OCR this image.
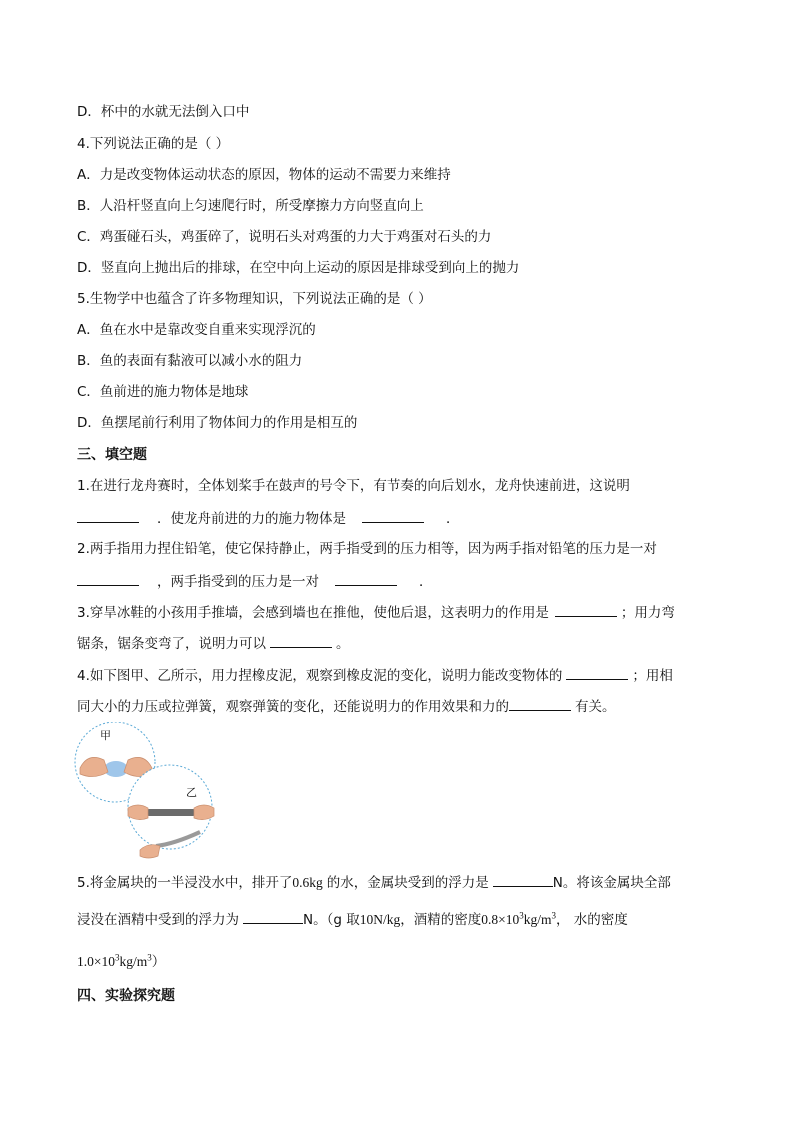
D．杯中的水就无法倒入口中
4.下列说法正确的是（ ）
A．力是改变物体运动状态的原因，物体的运动不需要力来维持
B．人沿杆竖直向上匀速爬行时，所受摩擦力方向竖直向上
C．鸡蛋碰石头，鸡蛋碎了，说明石头对鸡蛋的力大于鸡蛋对石头的力
D．竖直向上抛出后的排球，在空中向上运动的原因是排球受到向上的抛力
5.生物学中也蕴含了许多物理知识，下列说法正确的是（ ）
A．鱼在水中是靠改变自重来实现浮沉的
B．鱼的表面有黏液可以减小水的阻力
C．鱼前进的施力物体是地球
D．鱼摆尾前行利用了物体间力的作用是相互的
三、填空题
1.在进行龙舟赛时，全体划桨手在鼓声的号令下，有节奏的向后划水，龙舟快速前进，这说明
．使龙舟前进的力的施力物体是	．
2.两手指用力捏住铅笔，使它保持静止，两手指受到的压力相等，因为两手指对铅笔的压力是一对
，两手指受到的压力是一对	．
3.穿旱冰鞋的小孩用手推墙，会感到墙也在推他，使他后退，这表明力的作用是	；用力弯
锯条，锯条变弯了，说明力可以	。
4.如下图甲、乙所示，用力捏橡皮泥，观察到橡皮泥的变化，说明力能改变物体的	；用相
同大小的力压或拉弹簧，观察弹簧的变化，还能说明力的作用效果和力的	有关。
甲
乙
5.将金属块的一半浸没水中，排开了0.6kg 的水，金属块受到的浮力是	N。将该金属块全部
浸没在酒精中受到的浮力为	N。（g 取10N/kg，酒精的密度$0.8\times 10^3kg/m^3$， 水的密度
$1.0\times 10^3kg/m^3$）
四、实验探究题
